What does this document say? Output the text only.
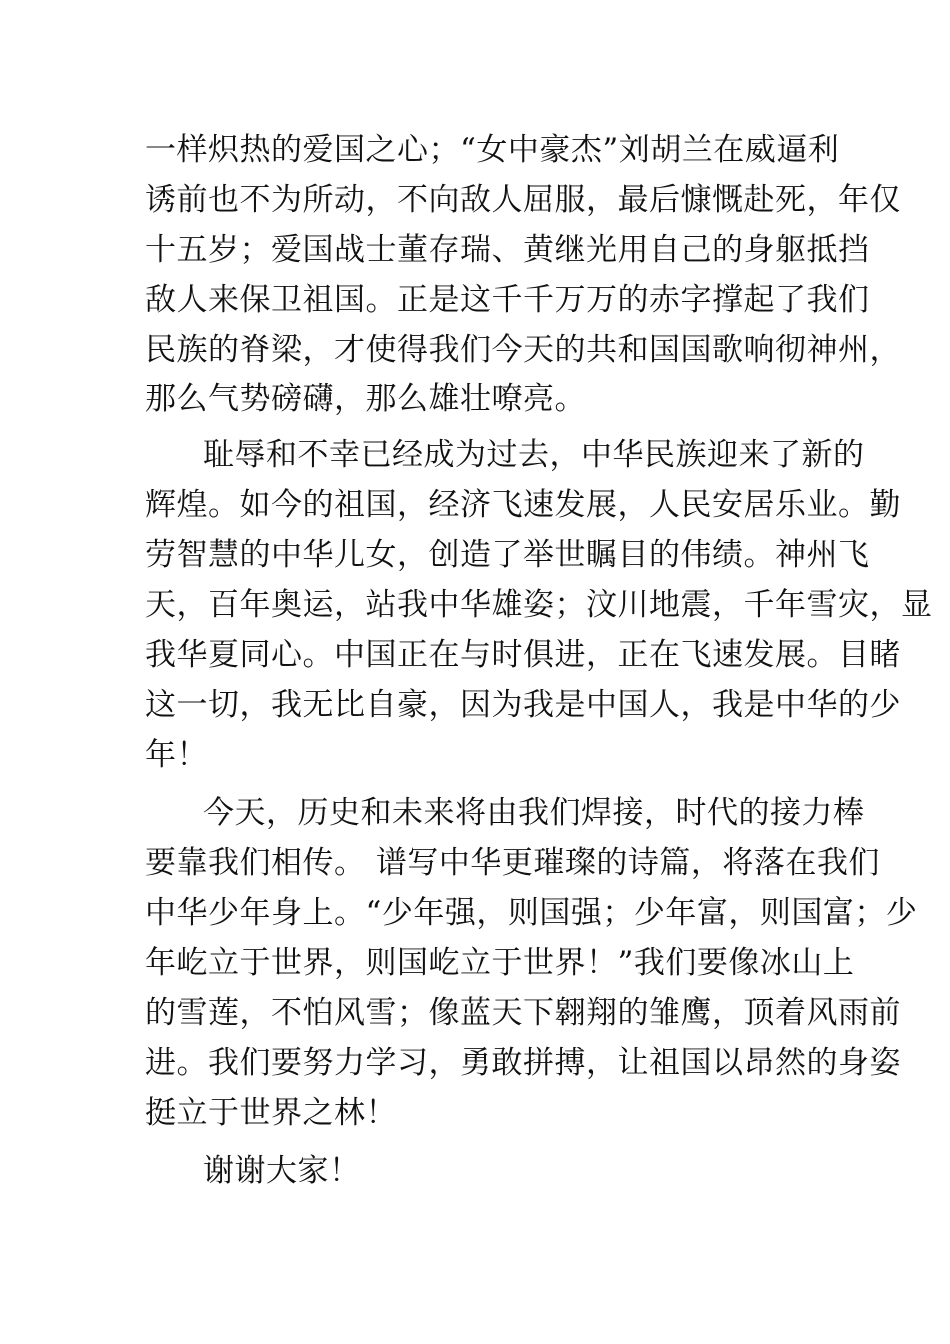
一样炽热的爱国之心；“女中豪杰”刘胡兰在威逼利
诱前也不为所动，不向敌人屈服，最后慷慨赴死，年仅
十五岁；爱国战士董存瑞、黄继光用自己的身躯抵挡
敌人来保卫祖国。正是这千千万万的赤字撑起了我们
民族的脊梁，才使得我们今天的共和国国歌响彻神州，
那么气势磅礴，那么雄壮嘹亮。
耻辱和不幸已经成为过去，中华民族迎来了新的
辉煌。如今的祖国，经济飞速发展，人民安居乐业。勤
劳智慧的中华儿女，创造了举世瞩目的伟绩。神州飞
天，百年奥运，站我中华雄姿；汶川地震，千年雪灾，显
我华夏同心。中国正在与时俱进，正在飞速发展。目睹
这一切，我无比自豪，因为我是中国人，我是中华的少
年！
今天，历史和未来将由我们焊接，时代的接力棒
要靠我们相传。 谱写中华更璀璨的诗篇，将落在我们
中华少年身上。“少年强，则国强；少年富，则国富；少
年屹立于世界，则国屹立于世界！”我们要像冰山上
的雪莲，不怕风雪；像蓝天下翱翔的雏鹰，顶着风雨前
进。我们要努力学习，勇敢拼搏，让祖国以昂然的身姿
挺立于世界之林！
谢谢大家！
